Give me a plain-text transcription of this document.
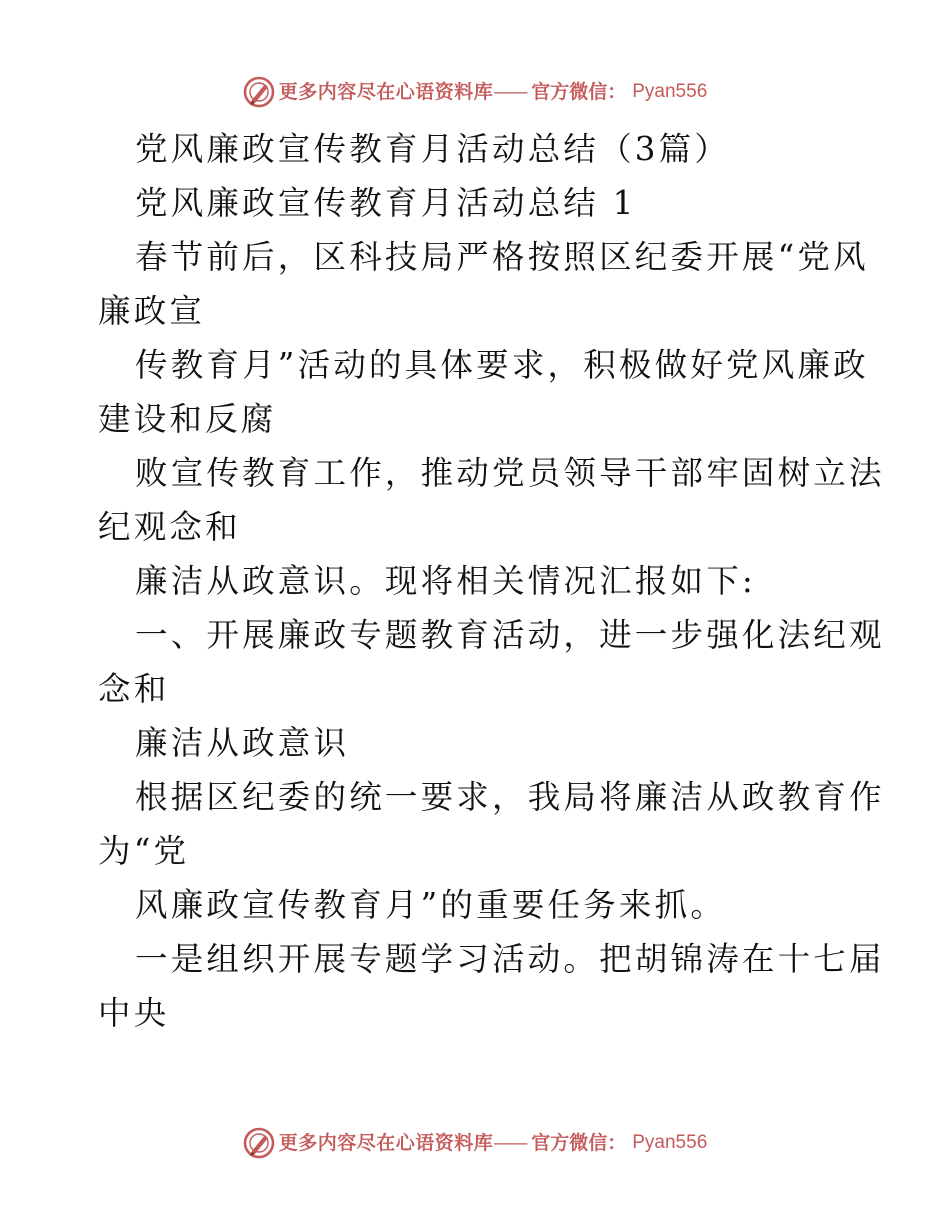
更多内容尽在心语资料库 —— 官方微信： Pyan556
党风廉政宣传教育月活动总结（3篇）
党风廉政宣传教育月活动总结 1
春节前后，区科技局严格按照区纪委开展“党风
廉政宣
传教育月”活动的具体要求，积极做好党风廉政
建设和反腐
败宣传教育工作，推动党员领导干部牢固树立法
纪观念和
廉洁从政意识。现将相关情况汇报如下:
一、开展廉政专题教育活动，进一步强化法纪观
念和
廉洁从政意识
根据区纪委的统一要求，我局将廉洁从政教育作
为“党
风廉政宣传教育月”的重要任务来抓。
一是组织开展专题学习活动。把胡锦涛在十七届
中央
更多内容尽在心语资料库 —— 官方微信： Pyan556
